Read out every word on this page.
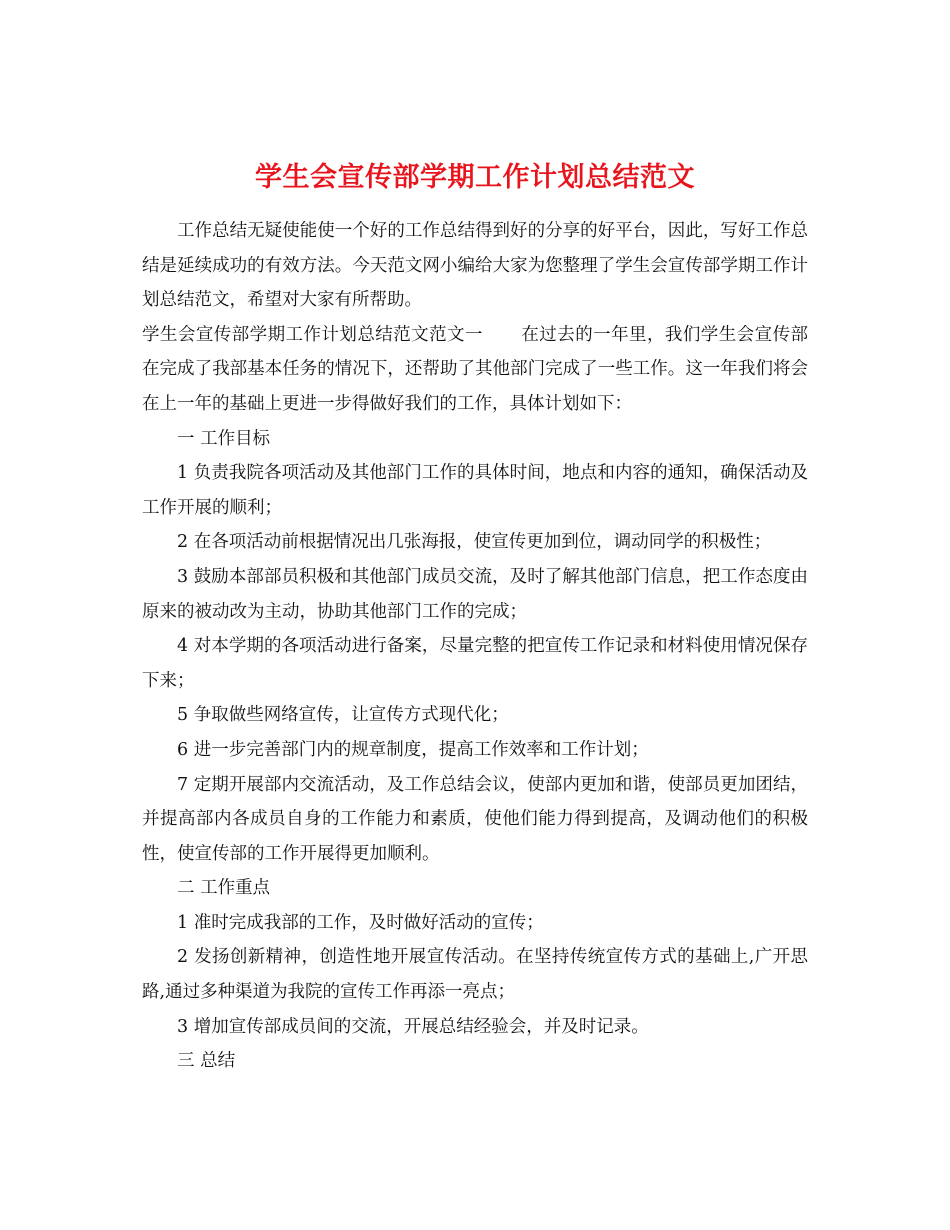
学生会宣传部学期工作计划总结范文

工作总结无疑使能使一个好的工作总结得到好的分享的好平台，因此，写好工作总结是延续成功的有效方法。今天范文网小编给大家为您整理了学生会宣传部学期工作计划总结范文，希望对大家有所帮助。

学生会宣传部学期工作计划总结范文范文一 在过去的一年里，我们学生会宣传部在完成了我部基本任务的情况下，还帮助了其他部门完成了一些工作。这一年我们将会在上一年的基础上更进一步得做好我们的工作，具体计划如下：

一 工作目标

1 负责我院各项活动及其他部门工作的具体时间，地点和内容的通知，确保活动及工作开展的顺利；

2 在各项活动前根据情况出几张海报，使宣传更加到位，调动同学的积极性；

3 鼓励本部部员积极和其他部门成员交流，及时了解其他部门信息，把工作态度由原来的被动改为主动，协助其他部门工作的完成；

4 对本学期的各项活动进行备案，尽量完整的把宣传工作记录和材料使用情况保存下来；

5 争取做些网络宣传，让宣传方式现代化；

6 进一步完善部门内的规章制度，提高工作效率和工作计划；

7 定期开展部内交流活动，及工作总结会议，使部内更加和谐，使部员更加团结，并提高部内各成员自身的工作能力和素质，使他们能力得到提高，及调动他们的积极性，使宣传部的工作开展得更加顺利。

二 工作重点

1 准时完成我部的工作，及时做好活动的宣传；

2 发扬创新精神，创造性地开展宣传活动。在坚持传统宣传方式的基础上,广开思路,通过多种渠道为我院的宣传工作再添一亮点；

3 增加宣传部成员间的交流，开展总结经验会，并及时记录。

三 总结
